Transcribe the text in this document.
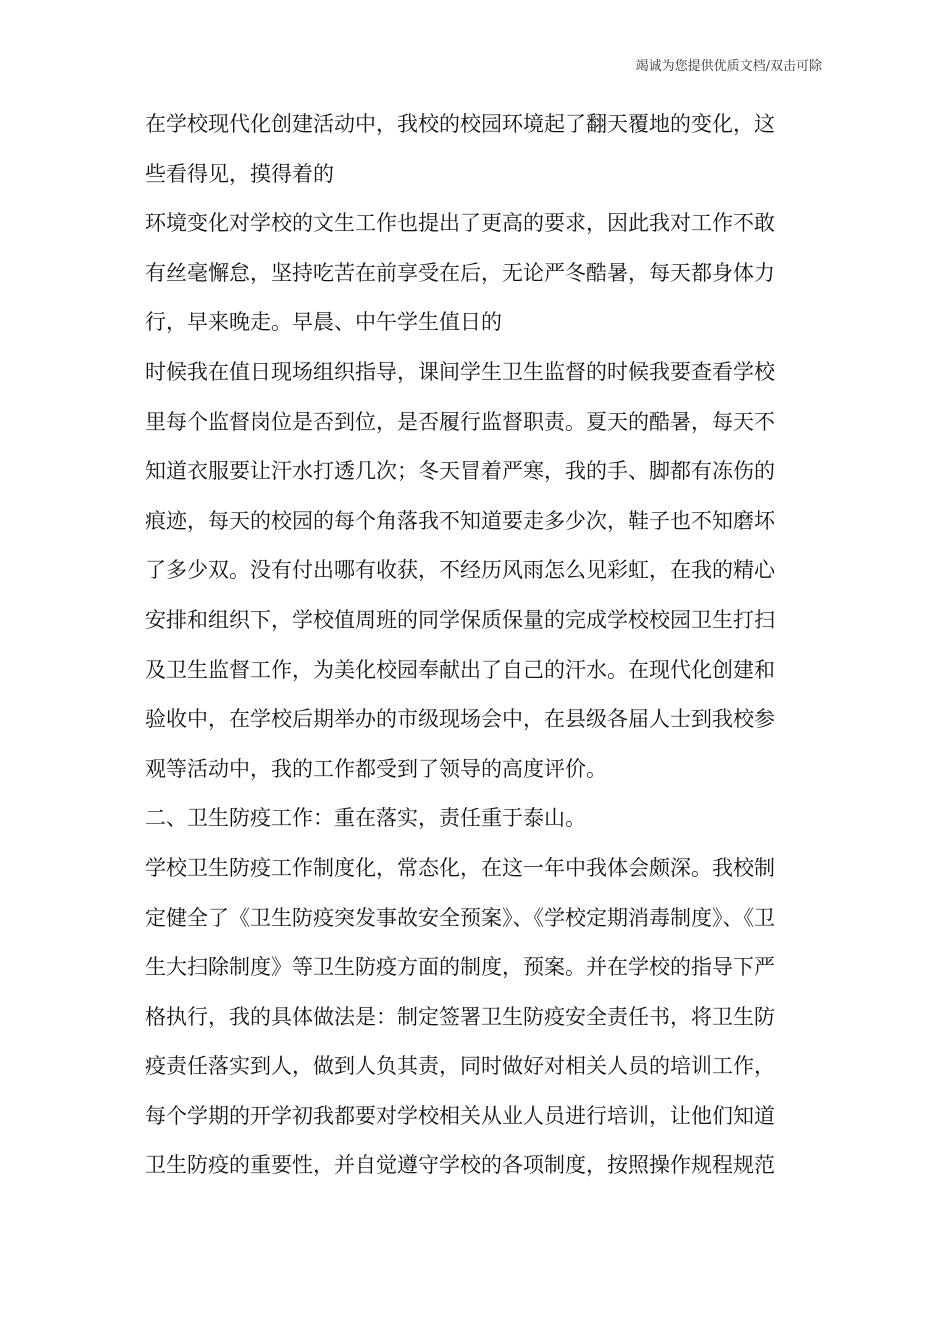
竭诚为您提供优质文档/双击可除
在学校现代化创建活动中，我校的校园环境起了翻天覆地的变化，这
些看得见，摸得着的
环境变化对学校的文生工作也提出了更高的要求，因此我对工作不敢
有丝毫懈怠，坚持吃苦在前享受在后，无论严冬酷暑，每天都身体力
行，早来晚走。早晨、中午学生值日的
时候我在值日现场组织指导，课间学生卫生监督的时候我要查看学校
里每个监督岗位是否到位，是否履行监督职责。夏天的酷暑，每天不
知道衣服要让汗水打透几次；冬天冒着严寒，我的手、脚都有冻伤的
痕迹，每天的校园的每个角落我不知道要走多少次，鞋子也不知磨坏
了多少双。没有付出哪有收获，不经历风雨怎么见彩虹，在我的精心
安排和组织下，学校值周班的同学保质保量的完成学校校园卫生打扫
及卫生监督工作，为美化校园奉献出了自己的汗水。在现代化创建和
验收中，在学校后期举办的市级现场会中，在县级各届人士到我校参
观等活动中，我的工作都受到了领导的高度评价。
二、卫生防疫工作：重在落实，责任重于泰山。
学校卫生防疫工作制度化，常态化，在这一年中我体会颇深。我校制
定健全了《卫生防疫突发事故安全预案》、《学校定期消毒制度》、《卫
生大扫除制度》等卫生防疫方面的制度，预案。并在学校的指导下严
格执行，我的具体做法是：制定签署卫生防疫安全责任书，将卫生防
疫责任落实到人，做到人负其责，同时做好对相关人员的培训工作，
每个学期的开学初我都要对学校相关从业人员进行培训，让他们知道
卫生防疫的重要性，并自觉遵守学校的各项制度，按照操作规程规范
